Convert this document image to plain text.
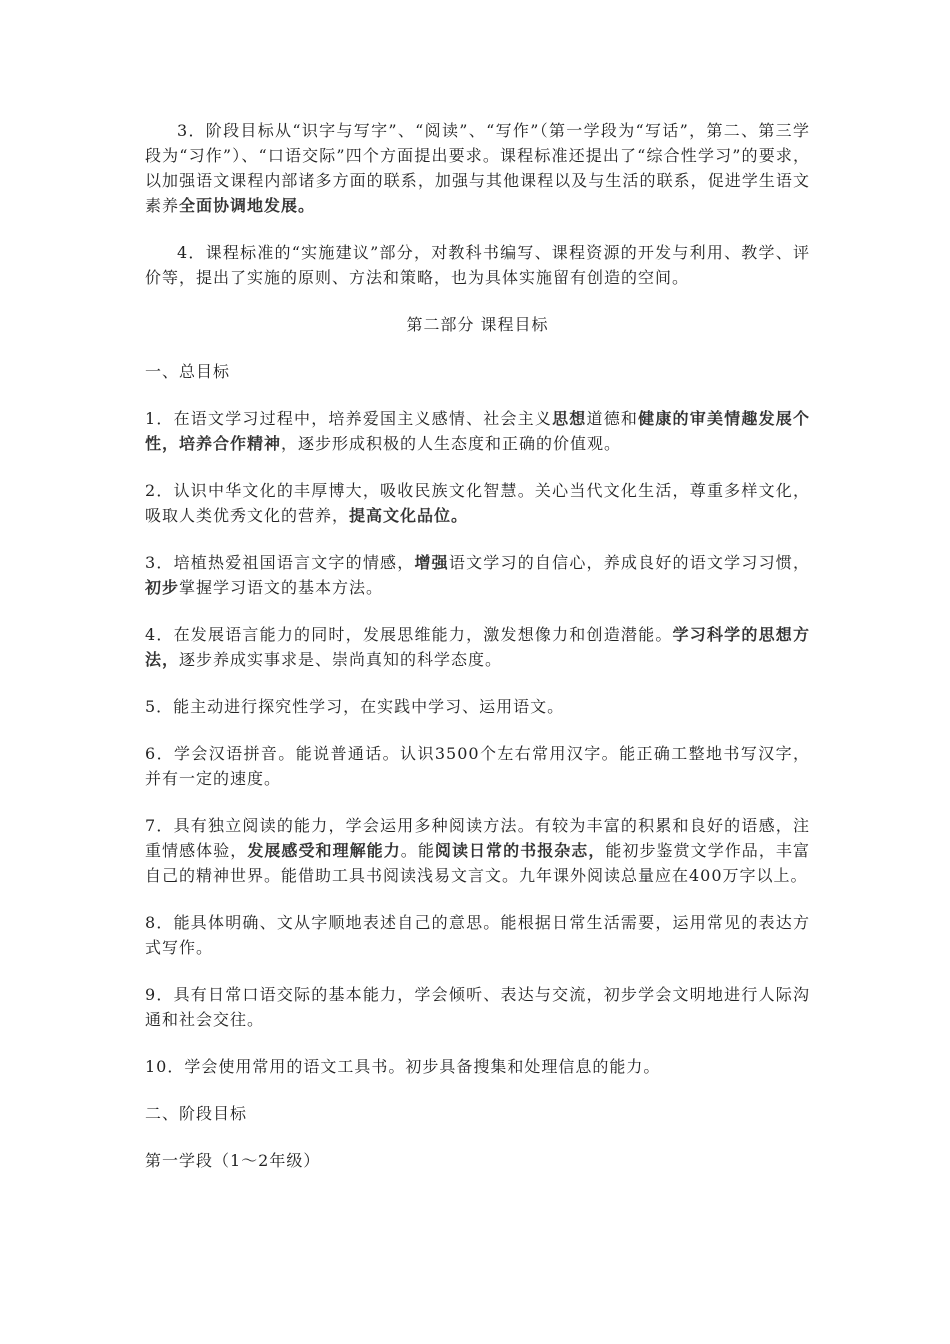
3．阶段目标从“识字与写字”、“阅读”、“写作”（第一学段为“写话”，第二、第三学段为“习作”）、“口语交际”四个方面提出要求。课程标准还提出了“综合性学习”的要求，以加强语文课程内部诸多方面的联系，加强与其他课程以及与生活的联系，促进学生语文素养全面协调地发展。

4．课程标准的“实施建议”部分，对教科书编写、课程资源的开发与利用、教学、评价等，提出了实施的原则、方法和策略，也为具体实施留有创造的空间。

第二部分 课程目标

一、总目标

1．在语文学习过程中，培养爱国主义感情、社会主义思想道德和健康的审美情趣发展个性，培养合作精神，逐步形成积极的人生态度和正确的价值观。

2．认识中华文化的丰厚博大，吸收民族文化智慧。关心当代文化生活，尊重多样文化，吸取人类优秀文化的营养，提高文化品位。

3．培植热爱祖国语言文字的情感，增强语文学习的自信心，养成良好的语文学习习惯，初步掌握学习语文的基本方法。

4．在发展语言能力的同时，发展思维能力，激发想像力和创造潜能。学习科学的思想方法，逐步养成实事求是、崇尚真知的科学态度。

5．能主动进行探究性学习，在实践中学习、运用语文。

6．学会汉语拼音。能说普通话。认识3500个左右常用汉字。能正确工整地书写汉字，并有一定的速度。

7．具有独立阅读的能力，学会运用多种阅读方法。有较为丰富的积累和良好的语感，注重情感体验，发展感受和理解能力。能阅读日常的书报杂志，能初步鉴赏文学作品，丰富自己的精神世界。能借助工具书阅读浅易文言文。九年课外阅读总量应在400万字以上。

8．能具体明确、文从字顺地表述自己的意思。能根据日常生活需要，运用常见的表达方式写作。

9．具有日常口语交际的基本能力，学会倾听、表达与交流，初步学会文明地进行人际沟通和社会交往。

10．学会使用常用的语文工具书。初步具备搜集和处理信息的能力。

二、阶段目标

第一学段（1～2年级）
